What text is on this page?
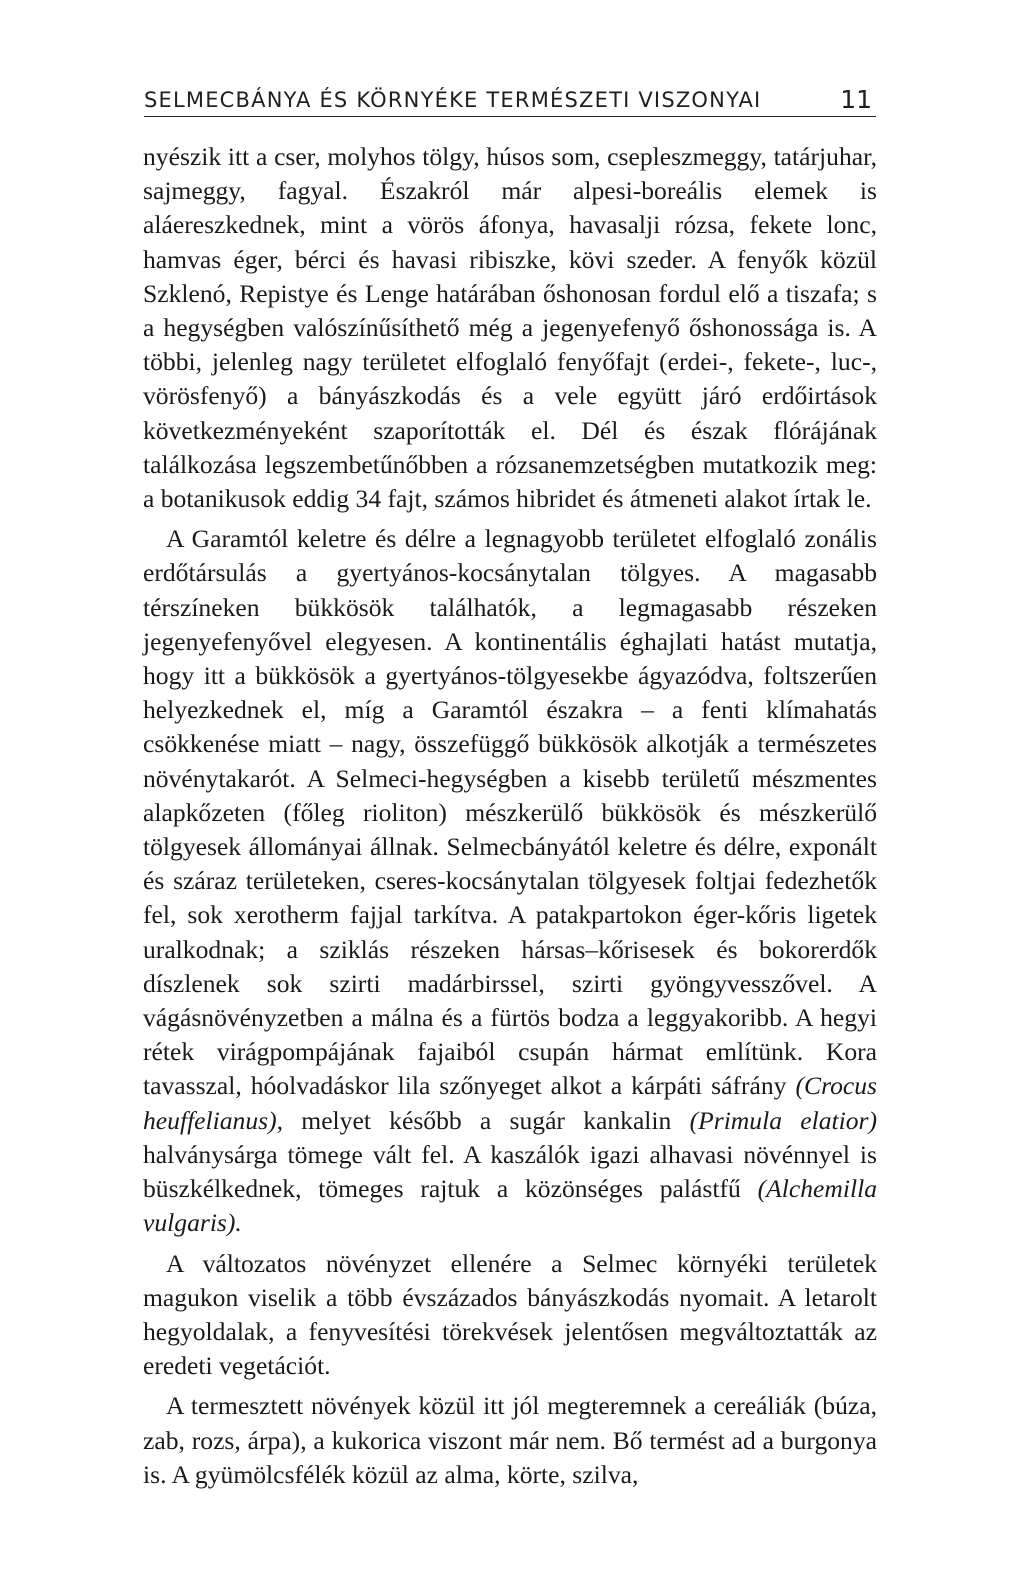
SELMECBÁNYA ÉS KÖRNYÉKE TERMÉSZETI VISZONYAI	11

nyészik itt a cser, molyhos tölgy, húsos som, csepleszmeggy, tatárjuhar, sajmeggy, fagyal. Északról már alpesi-boreális elemek is aláereszkednek, mint a vörös áfonya, havasalji rózsa, fekete lonc, hamvas éger, bérci és havasi ribiszke, kövi szeder. A fenyők közül Szklenó, Repistye és Lenge határában őshonosan fordul elő a tiszafa; s a hegységben valószínűsíthető még a jegenyefenyő őshonossága is. A többi, jelenleg nagy területet elfoglaló fenyőfajt (erdei-, fekete-, luc-, vörösfenyő) a bányászkodás és a vele együtt járó erdőirtások következményeként szaporították el. Dél és észak flórájának találkozása legszembetűnőbben a rózsanemzetségben mutatkozik meg: a botanikusok eddig 34 fajt, számos hibridet és átmeneti alakot írtak le.

A Garamtól keletre és délre a legnagyobb területet elfoglaló zonális erdőtársulás a gyertyános-kocsánytalan tölgyes. A magasabb térszíneken bükkösök találhatók, a legmagasabb részeken jegenyefenyővel elegyesen. A kontinentális éghajlati hatást mutatja, hogy itt a bükkösök a gyertyános-tölgyesekbe ágyazódva, foltszerűen helyezkednek el, míg a Garamtól északra – a fenti klímahatás csökkenése miatt – nagy, összefüggő bükkösök alkotják a természetes növénytakarót. A Selmeci-hegységben a kisebb területű mészmentes alapkőzeten (főleg rioliton) mészkerülő bükkösök és mészkerülő tölgyesek állományai állnak. Selmecbányától keletre és délre, exponált és száraz területeken, cseres-kocsánytalan tölgyesek foltjai fedezhetők fel, sok xerotherm fajjal tarkítva. A patakpartokon éger-kőris ligetek uralkodnak; a sziklás részeken hársas–kőrisesek és bokorerdők díszlenek sok szirti madárbirssel, szirti gyöngyvesszővel. A vágásnövényzetben a málna és a fürtös bodza a leggyakoribb. A hegyi rétek virágpompájának fajaiból csupán hármat említünk. Kora tavasszal, hóolvadáskor lila szőnyeget alkot a kárpáti sáfrány (Crocus heuffelianus), melyet később a sugár kankalin (Primula elatior) halványsárga tömege vált fel. A kaszálók igazi alhavasi növénnyel is büszkélkednek, tömeges rajtuk a közönséges palástfű (Alchemilla vulgaris).

A változatos növényzet ellenére a Selmec környéki területek magukon viselik a több évszázados bányászkodás nyomait. A letarolt hegyoldalak, a fenyvesítési törekvések jelentősen megváltoztatták az eredeti vegetációt.

A termesztett növények közül itt jól megteremnek a cereáliák (búza, zab, rozs, árpa), a kukorica viszont már nem. Bő termést ad a burgonya is. A gyümölcsfélék közül az alma, körte, szilva,
